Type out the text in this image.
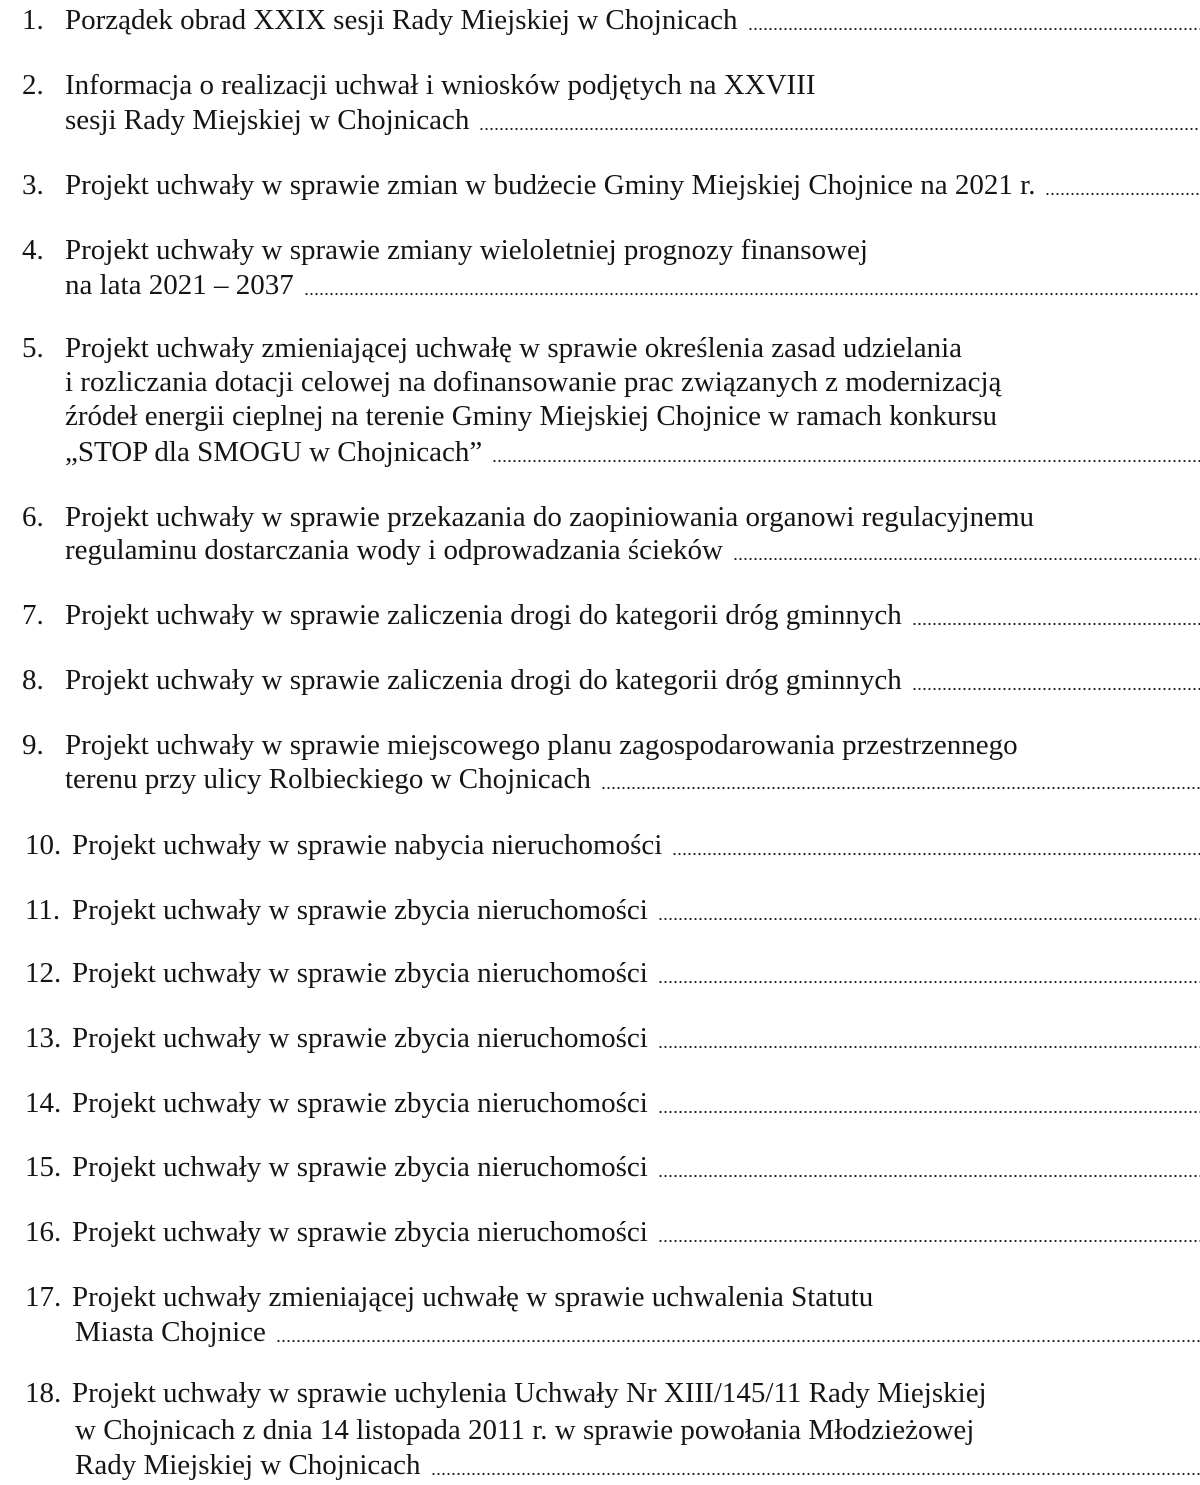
1. Porządek obrad XXIX sesji Rady Miejskiej w Chojnicach
2. Informacja o realizacji uchwał i wniosków podjętych na XXVIII
sesji Rady Miejskiej w Chojnicach
3. Projekt uchwały w sprawie zmian w budżecie Gminy Miejskiej Chojnice na 2021 r.
4. Projekt uchwały w sprawie zmiany wieloletniej prognozy finansowej
na lata 2021 – 2037
5. Projekt uchwały zmieniającej uchwałę w sprawie określenia zasad udzielania
i rozliczania dotacji celowej na dofinansowanie prac związanych z modernizacją
źródeł energii cieplnej na terenie Gminy Miejskiej Chojnice w ramach konkursu
„STOP dla SMOGU w Chojnicach”
6. Projekt uchwały w sprawie przekazania do zaopiniowania organowi regulacyjnemu
regulaminu dostarczania wody i odprowadzania ścieków
7. Projekt uchwały w sprawie zaliczenia drogi do kategorii dróg gminnych
8. Projekt uchwały w sprawie zaliczenia drogi do kategorii dróg gminnych
9. Projekt uchwały w sprawie miejscowego planu zagospodarowania przestrzennego
terenu przy ulicy Rolbieckiego w Chojnicach
10. Projekt uchwały w sprawie nabycia nieruchomości
11. Projekt uchwały w sprawie zbycia nieruchomości
12. Projekt uchwały w sprawie zbycia nieruchomości
13. Projekt uchwały w sprawie zbycia nieruchomości
14. Projekt uchwały w sprawie zbycia nieruchomości
15. Projekt uchwały w sprawie zbycia nieruchomości
16. Projekt uchwały w sprawie zbycia nieruchomości
17. Projekt uchwały zmieniającej uchwałę w sprawie uchwalenia Statutu
Miasta Chojnice
18. Projekt uchwały w sprawie uchylenia Uchwały Nr XIII/145/11 Rady Miejskiej
w Chojnicach z dnia 14 listopada 2011 r. w sprawie powołania Młodzieżowej
Rady Miejskiej w Chojnicach
